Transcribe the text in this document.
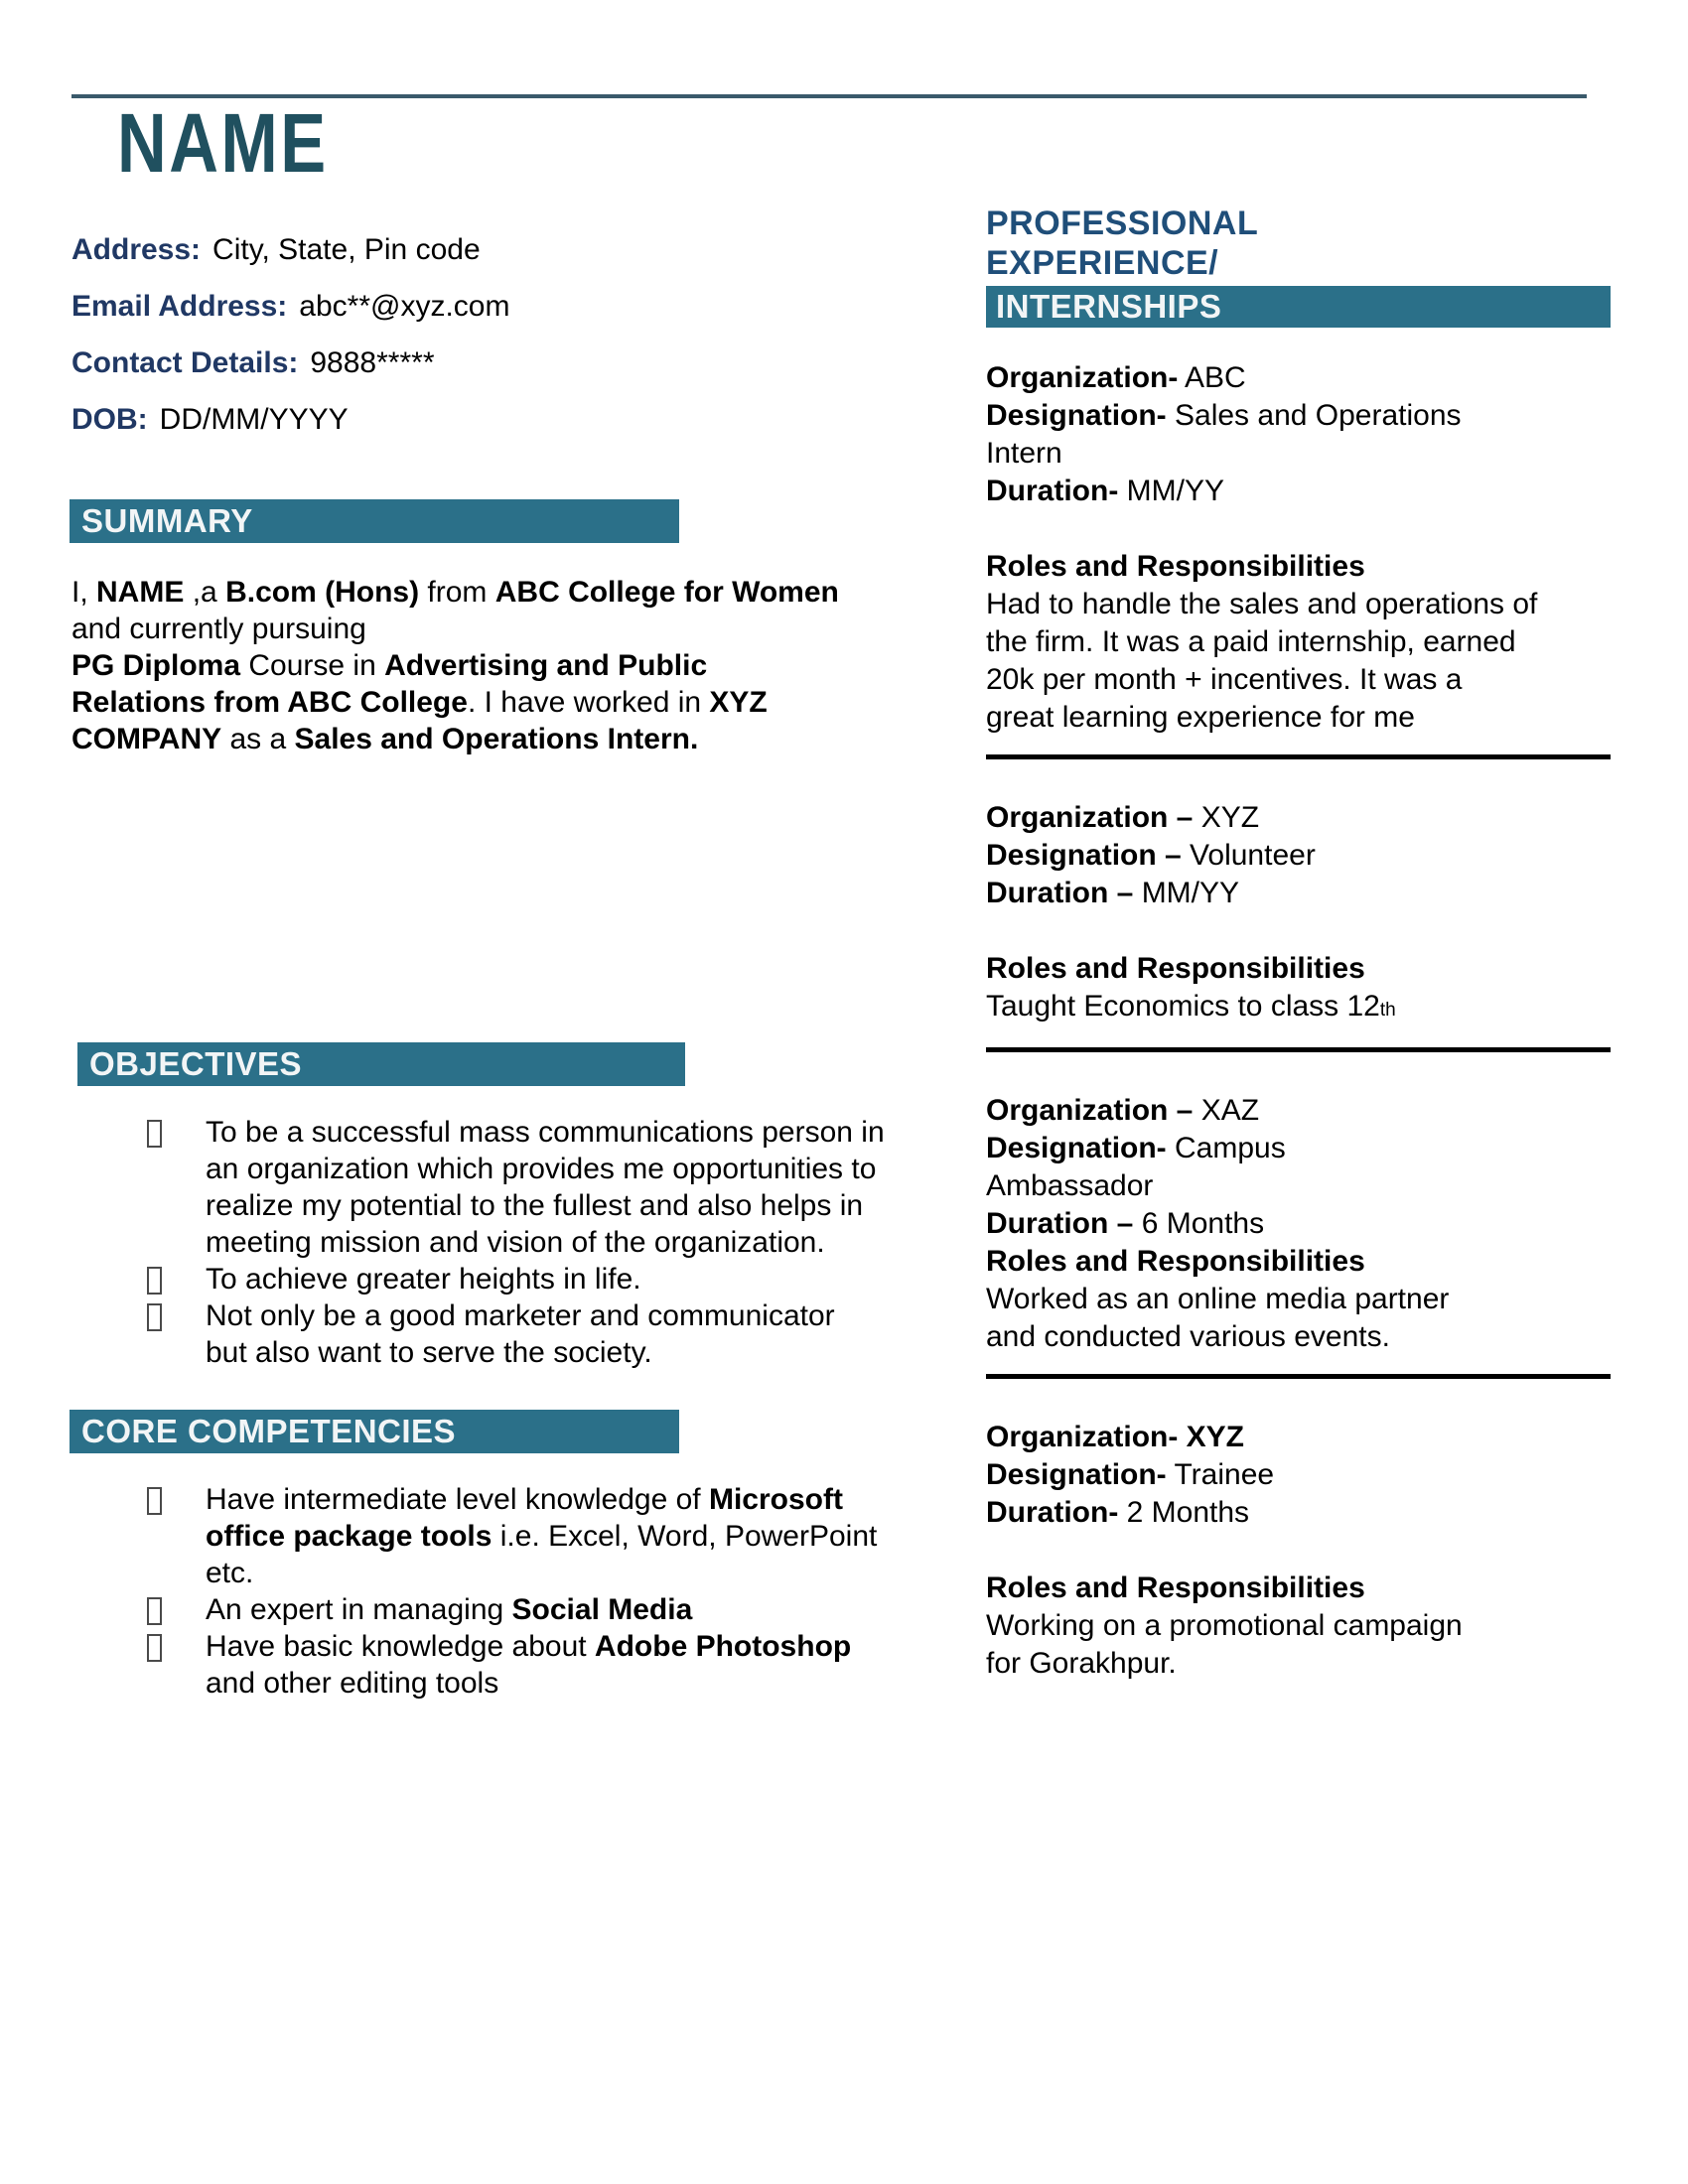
NAME
Address: City, State, Pin code
Email Address: abc**@xyz.com
Contact Details: 9888*****
DOB: DD/MM/YYYY
SUMMARY

I, NAME ,a B.com (Hons) from ABC College for Women
and currently pursuing
PG Diploma Course in Advertising and Public
Relations from ABC College. I have worked in XYZ
COMPANY as a Sales and Operations Intern.

OBJECTIVES
To be a successful mass communications person in
an organization which provides me opportunities to
realize my potential to the fullest and also helps in
meeting mission and vision of the organization.
To achieve greater heights in life.
Not only be a good marketer and communicator
but also want to serve the society.
CORE COMPETENCIES
Have intermediate level knowledge of Microsoft
office package tools i.e. Excel, Word, PowerPoint
etc.
An expert in managing Social Media
Have basic knowledge about Adobe Photoshop
and other editing tools
PROFESSIONAL
EXPERIENCE/
INTERNSHIPS
Organization- ABC
Designation- Sales and Operations
Intern
Duration- MM/YY
Roles and Responsibilities

Had to handle the sales and operations of
the firm. It was a paid internship, earned
20k per month + incentives. It was a
great learning experience for me

Organization – XYZ
Designation – Volunteer
Duration – MM/YY
Roles and Responsibilities

Taught Economics to class 12th

Organization – XAZ
Designation- Campus
Ambassador
Duration – 6 Months
Roles and Responsibilities

Worked as an online media partner
and conducted various events.

Organization- XYZ
Designation- Trainee
Duration- 2 Months
Roles and Responsibilities

Working on a promotional campaign
for Gorakhpur.
